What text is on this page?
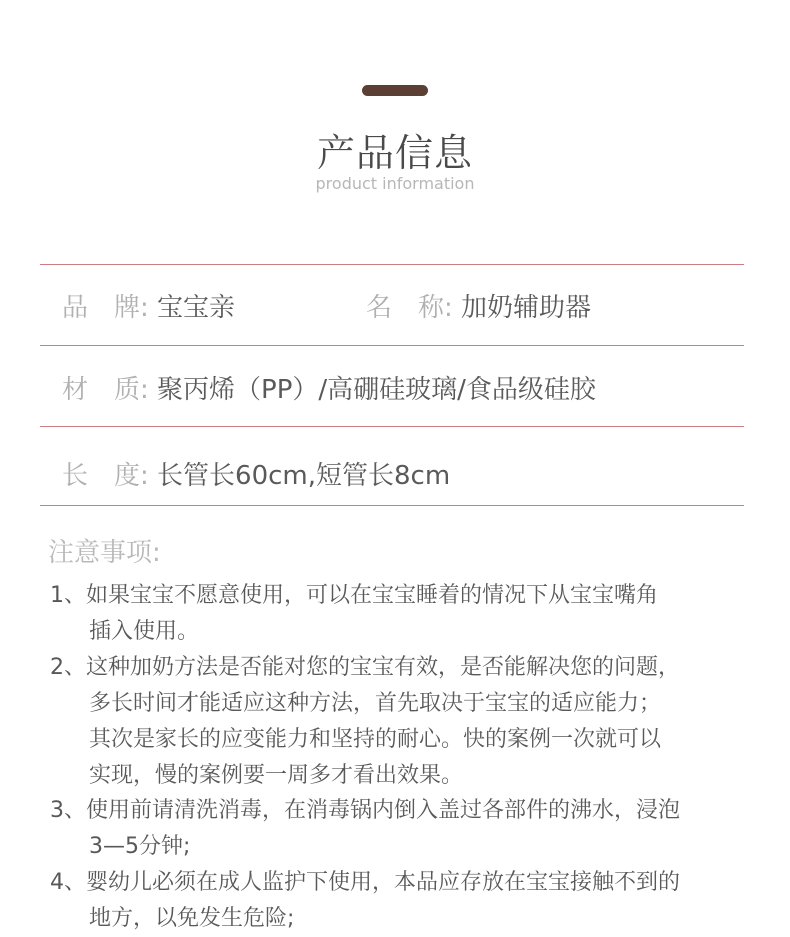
产品信息
product information
品　牌: 宝宝亲	名　称: 加奶辅助器
材　质: 聚丙烯（PP）/高硼硅玻璃/食品级硅胶
长　度: 长管长60cm,短管长8cm
注意事项:
1、如果宝宝不愿意使用，可以在宝宝睡着的情况下从宝宝嘴角
插入使用。
2、这种加奶方法是否能对您的宝宝有效，是否能解决您的问题，
多长时间才能适应这种方法，首先取决于宝宝的适应能力；
其次是家长的应变能力和坚持的耐心。快的案例一次就可以
实现，慢的案例要一周多才看出效果。
3、使用前请清洗消毒，在消毒锅内倒入盖过各部件的沸水，浸泡
3—5分钟;
4、婴幼儿必须在成人监护下使用，本品应存放在宝宝接触不到的
地方，以免发生危险;
